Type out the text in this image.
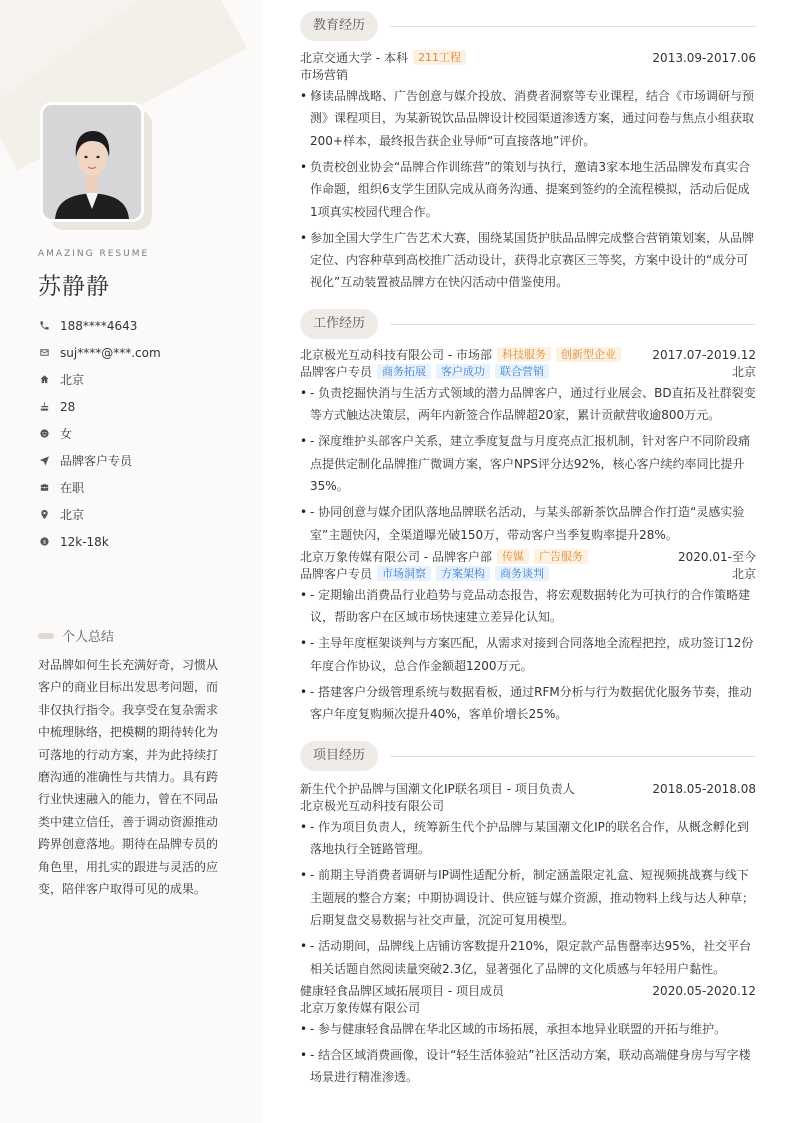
AMAZING RESUME
苏静静
188****4643
suj****@***.com
北京
28
女
品牌客户专员
在职
北京
$ 12k-18k
个人总结
对品牌如何生长充满好奇，习惯从客户的商业目标出发思考问题，而非仅执行指令。我享受在复杂需求中梳理脉络，把模糊的期待转化为可落地的行动方案，并为此持续打磨沟通的准确性与共情力。具有跨行业快速融入的能力，曾在不同品类中建立信任，善于调动资源推动跨界创意落地。期待在品牌专员的角色里，用扎实的跟进与灵活的应变，陪伴客户取得可见的成果。
教育经历
北京交通大学 - 本科 211工程	2013.09-2017.06
市场营销
• 修读品牌战略、广告创意与媒介投放、消费者洞察等专业课程，结合《市场调研与预测》课程项目，为某新锐饮品品牌设计校园渠道渗透方案，通过问卷与焦点小组获取200+样本，最终报告获企业导师“可直接落地”评价。
• 负责校创业协会“品牌合作训练营”的策划与执行，邀请3家本地生活品牌发布真实合作命题，组织6支学生团队完成从商务沟通、提案到签约的全流程模拟，活动后促成1项真实校园代理合作。
• 参加全国大学生广告艺术大赛，围绕某国货护肤品品牌完成整合营销策划案，从品牌定位、内容种草到高校推广活动设计，获得北京赛区三等奖，方案中设计的“成分可视化”互动装置被品牌方在快闪活动中借鉴使用。
工作经历
北京极光互动科技有限公司 - 市场部 科技服务	创新型企业	2017.07-2019.12
品牌客户专员 商务拓展	客户成功	联合营销	北京
• - 负责挖掘快消与生活方式领域的潜力品牌客户，通过行业展会、BD直拓及社群裂变等方式触达决策层，两年内新签合作品牌超20家，累计贡献营收逾800万元。
• - 深度维护头部客户关系，建立季度复盘与月度亮点汇报机制，针对客户不同阶段痛点提供定制化品牌推广微调方案，客户NPS评分达92%，核心客户续约率同比提升35%。
• - 协同创意与媒介团队落地品牌联名活动，与某头部新茶饮品牌合作打造“灵感实验室”主题快闪，全渠道曝光破150万，带动客户当季复购率提升28%。
北京万象传媒有限公司 - 品牌客户部 传媒	广告服务	2020.01-至今
品牌客户专员 市场洞察	方案架构	商务谈判	北京
• - 定期输出消费品行业趋势与竞品动态报告，将宏观数据转化为可执行的合作策略建议，帮助客户在区域市场快速建立差异化认知。
• - 主导年度框架谈判与方案匹配，从需求对接到合同落地全流程把控，成功签订12份年度合作协议，总合作金额超1200万元。
• - 搭建客户分级管理系统与数据看板，通过RFM分析与行为数据优化服务节奏，推动客户年度复购频次提升40%，客单价增长25%。
项目经历
新生代个护品牌与国潮文化IP联名项目 - 项目负责人	2018.05-2018.08
北京极光互动科技有限公司
• - 作为项目负责人，统筹新生代个护品牌与某国潮文化IP的联名合作，从概念孵化到落地执行全链路管理。
• - 前期主导消费者调研与IP调性适配分析，制定涵盖限定礼盒、短视频挑战赛与线下主题展的整合方案；中期协调设计、供应链与媒介资源，推动物料上线与达人种草；后期复盘交易数据与社交声量，沉淀可复用模型。
• - 活动期间，品牌线上店铺访客数提升210%，限定款产品售罄率达95%，社交平台相关话题自然阅读量突破2.3亿，显著强化了品牌的文化质感与年轻用户黏性。
健康轻食品牌区域拓展项目 - 项目成员	2020.05-2020.12
北京万象传媒有限公司
• - 参与健康轻食品牌在华北区域的市场拓展，承担本地异业联盟的开拓与维护。
• - 结合区域消费画像，设计“轻生活体验站”社区活动方案，联动高端健身房与写字楼场景进行精准渗透。
